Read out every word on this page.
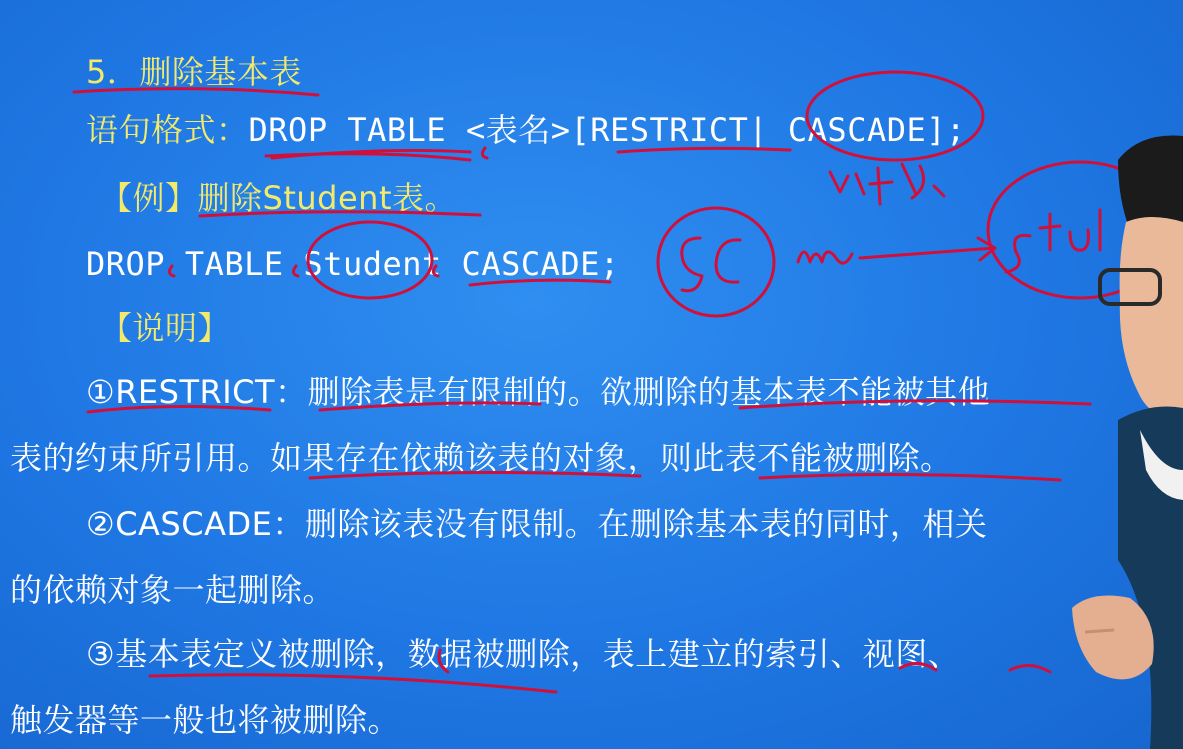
5．删除基本表
语句格式：DROP TABLE <表名>[RESTRICT| CASCADE];
【例】删除Student表。
DROP TABLE Student CASCADE;
【说明】
①RESTRICT：删除表是有限制的。欲删除的基本表不能被其他
表的约束所引用。如果存在依赖该表的对象，则此表不能被删除。
②CASCADE：删除该表没有限制。在删除基本表的同时，相关
的依赖对象一起删除。
③基本表定义被删除，数据被删除，表上建立的索引、视图、
触发器等一般也将被删除。
